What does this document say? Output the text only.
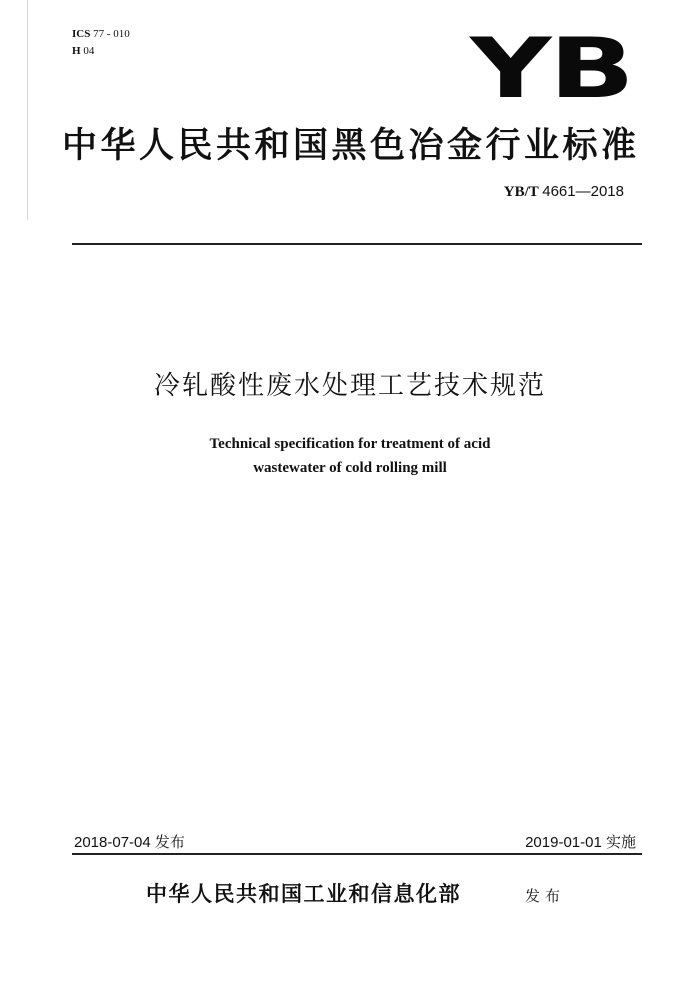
ICS 77 - 010
H 04	YB
中华人民共和国黑色冶金行业标准
YB/T 4661—2018
冷轧酸性废水处理工艺技术规范
Technical specification for treatment of acid
wastewater of cold rolling mill
2018-07-04 发布	2019-01-01 实施
中华人民共和国工业和信息化部	发布
